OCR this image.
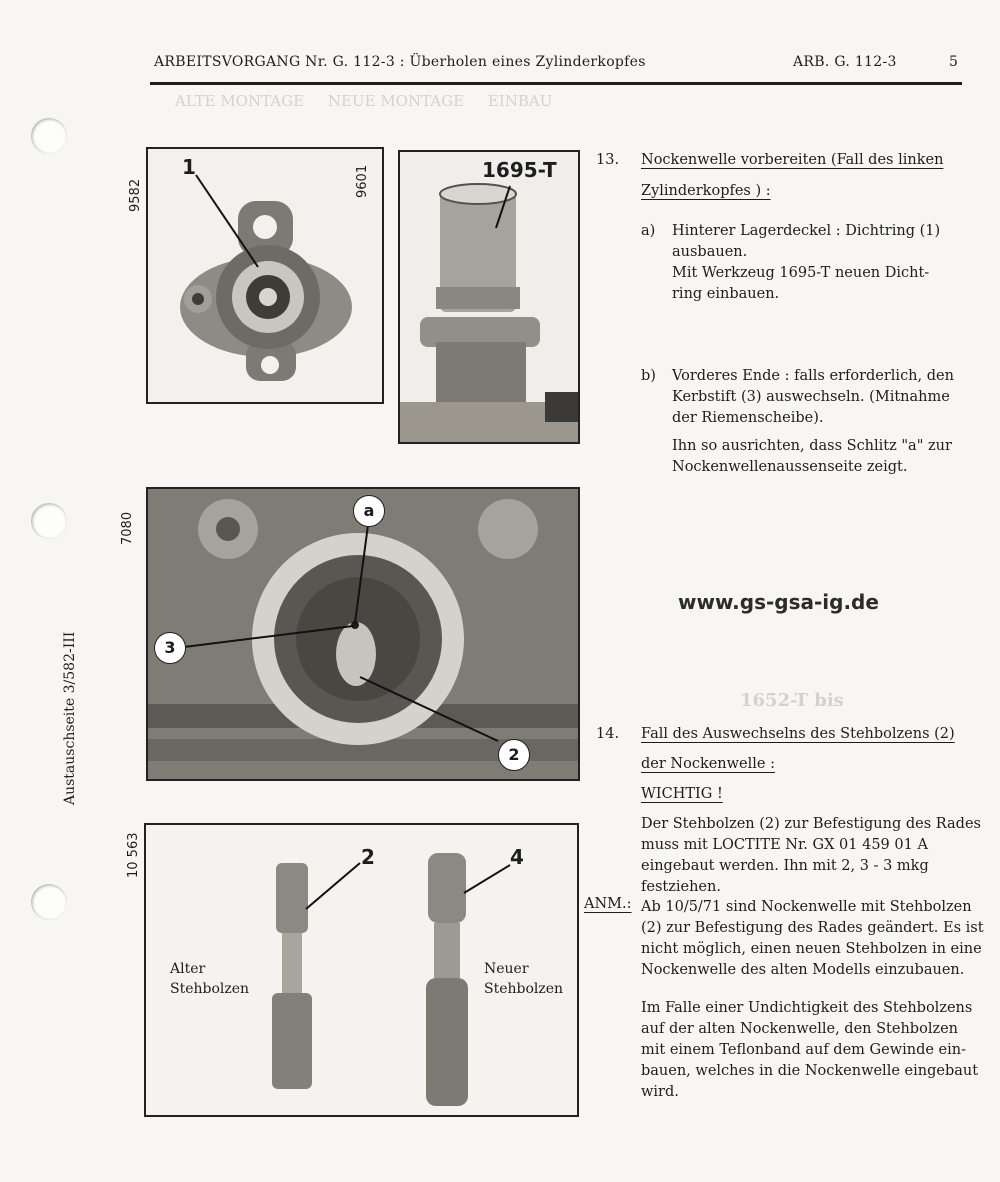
ALTE MONTAGE     NEUE MONTAGE     EINBAU
1652-T bis
ARBEITSVORGANG Nr. G. 112-3 : Überholen eines Zylinderkopfes	ARB. G. 112-3	5
Austauschseite 3/582-III
9582
1	9601	1695-T
7080
a
3
2
www.gs-gsa-ig.de
10 563	2	4
Alter
Stehbolzen
Neuer
Stehbolzen
13. Nockenwelle vorbereiten (Fall des linken
Zylinderkopfes ) :
a) Hinterer Lagerdeckel : Dichtring (1)
ausbauen.
Mit Werkzeug 1695-T neuen Dicht-
ring einbauen.
b) Vorderes Ende : falls erforderlich, den
Kerbstift (3) auswechseln. (Mitnahme
der Riemenscheibe).
Ihn so ausrichten, dass Schlitz "a" zur
Nockenwellenaussenseite zeigt.
14. Fall des Auswechselns des Stehbolzens (2)
der Nockenwelle :
WICHTIG !
Der Stehbolzen (2) zur Befestigung des Rades
muss mit LOCTITE Nr. GX 01 459 01 A
eingebaut werden. Ihn mit 2, 3 - 3 mkg
festziehen.
ANM.: Ab 10/5/71 sind Nockenwelle mit Stehbolzen
(2) zur Befestigung des Rades geändert. Es ist
nicht möglich, einen neuen Stehbolzen in eine
Nockenwelle des alten Modells einzubauen.
Im Falle einer Undichtigkeit des Stehbolzens
auf der alten Nockenwelle, den Stehbolzen
mit einem Teflonband auf dem Gewinde ein-
bauen, welches in die Nockenwelle eingebaut
wird.
